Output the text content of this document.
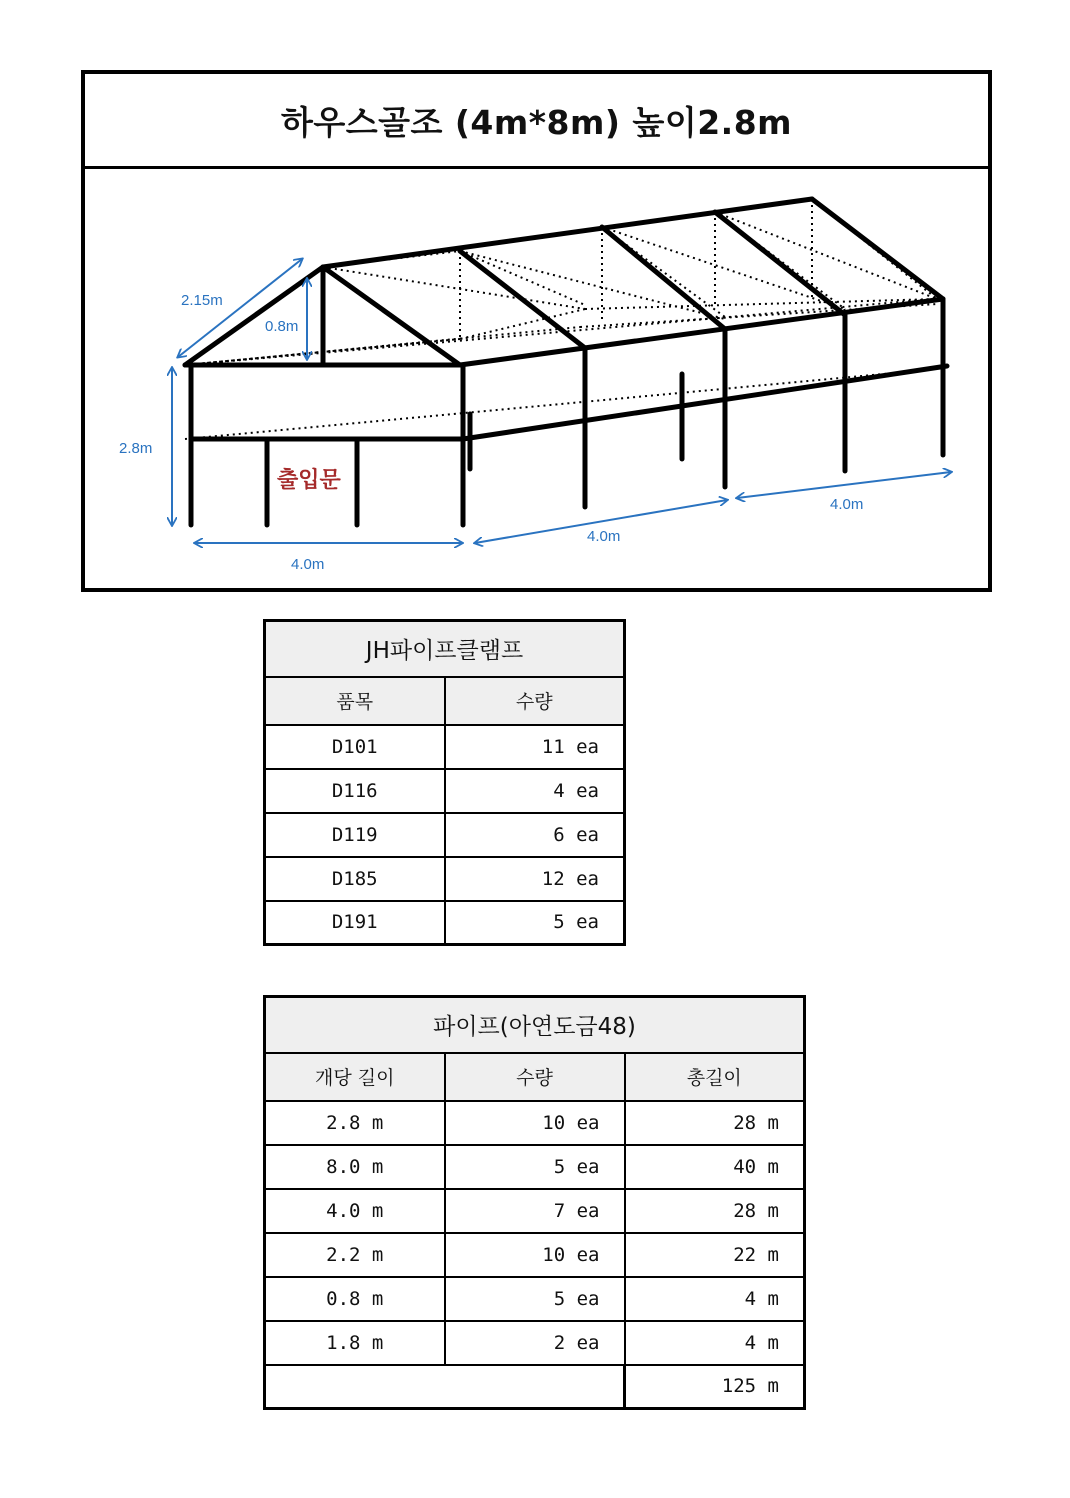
하우스골조 (4m*8m) 높이2.8m
2.15m
0.8m
2.8m
출입문
4.0m
4.0m
4.0m
JH파이프클램프	
품목	수량
D101	11 ea
D116	4 ea
D119	6 ea
D185	12 ea
D191	5 ea
파이프(아연도금48)		
개당 길이	수량	총길이
2.8 m	10 ea	28 m
8.0 m	5 ea	40 m
4.0 m	7 ea	28 m
2.2 m	10 ea	22 m
0.8 m	5 ea	4 m
1.8 m	2 ea	4 m
		125 m
